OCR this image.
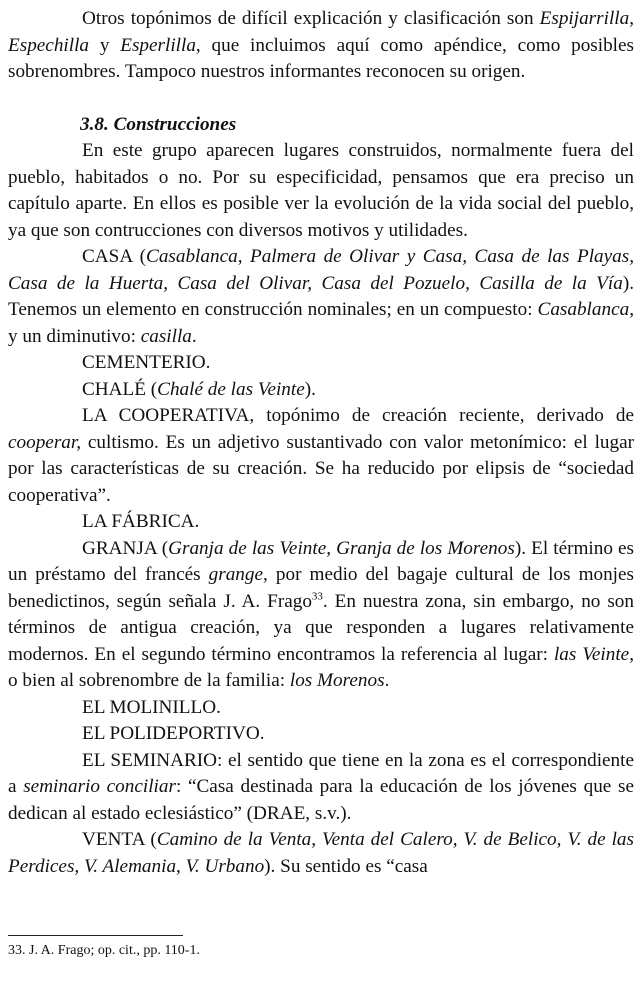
Otros topónimos de difícil explicación y clasificación son Espijarrilla, Espechilla y Esperlilla, que incluimos aquí como apéndice, como posibles sobrenombres. Tampoco nuestros informantes reconocen su origen.

3.8. Construcciones

En este grupo aparecen lugares construidos, normalmente fuera del pueblo, habitados o no. Por su especificidad, pensamos que era preciso un capítulo aparte. En ellos es posible ver la evolución de la vida social del pueblo, ya que son contrucciones con diversos motivos y utilidades.

CASA (Casablanca, Palmera de Olivar y Casa, Casa de las Playas, Casa de la Huerta, Casa del Olivar, Casa del Pozuelo, Casilla de la Vía). Tenemos un elemento en construcción nominales; en un compuesto: Casablanca, y un diminutivo: casilla.

CEMENTERIO.

CHALÉ (Chalé de las Veinte).

LA COOPERATIVA, topónimo de creación reciente, derivado de cooperar, cultismo. Es un adjetivo sustantivado con valor metonímico: el lugar por las características de su creación. Se ha reducido por elipsis de “sociedad cooperativa”.

LA FÁBRICA.

GRANJA (Granja de las Veinte, Granja de los Morenos). El término es un préstamo del francés grange, por medio del bagaje cultural de los monjes benedictinos, según señala J. A. Frago$^{33}$. En nuestra zona, sin embargo, no son términos de antigua creación, ya que responden a lugares relativamente modernos. En el segundo término encontramos la referencia al lugar: las Veinte, o bien al sobrenombre de la familia: los Morenos.

EL MOLINILLO.

EL POLIDEPORTIVO.

EL SEMINARIO: el sentido que tiene en la zona es el correspondiente a seminario conciliar: “Casa destinada para la educación de los jóvenes que se dedican al estado eclesiástico” (DRAE, s.v.).

VENTA (Camino de la Venta, Venta del Calero, V. de Belico, V. de las Perdices, V. Alemania, V. Urbano). Su sentido es “casa

33. J. A. Frago; op. cit., pp. 110-1.
